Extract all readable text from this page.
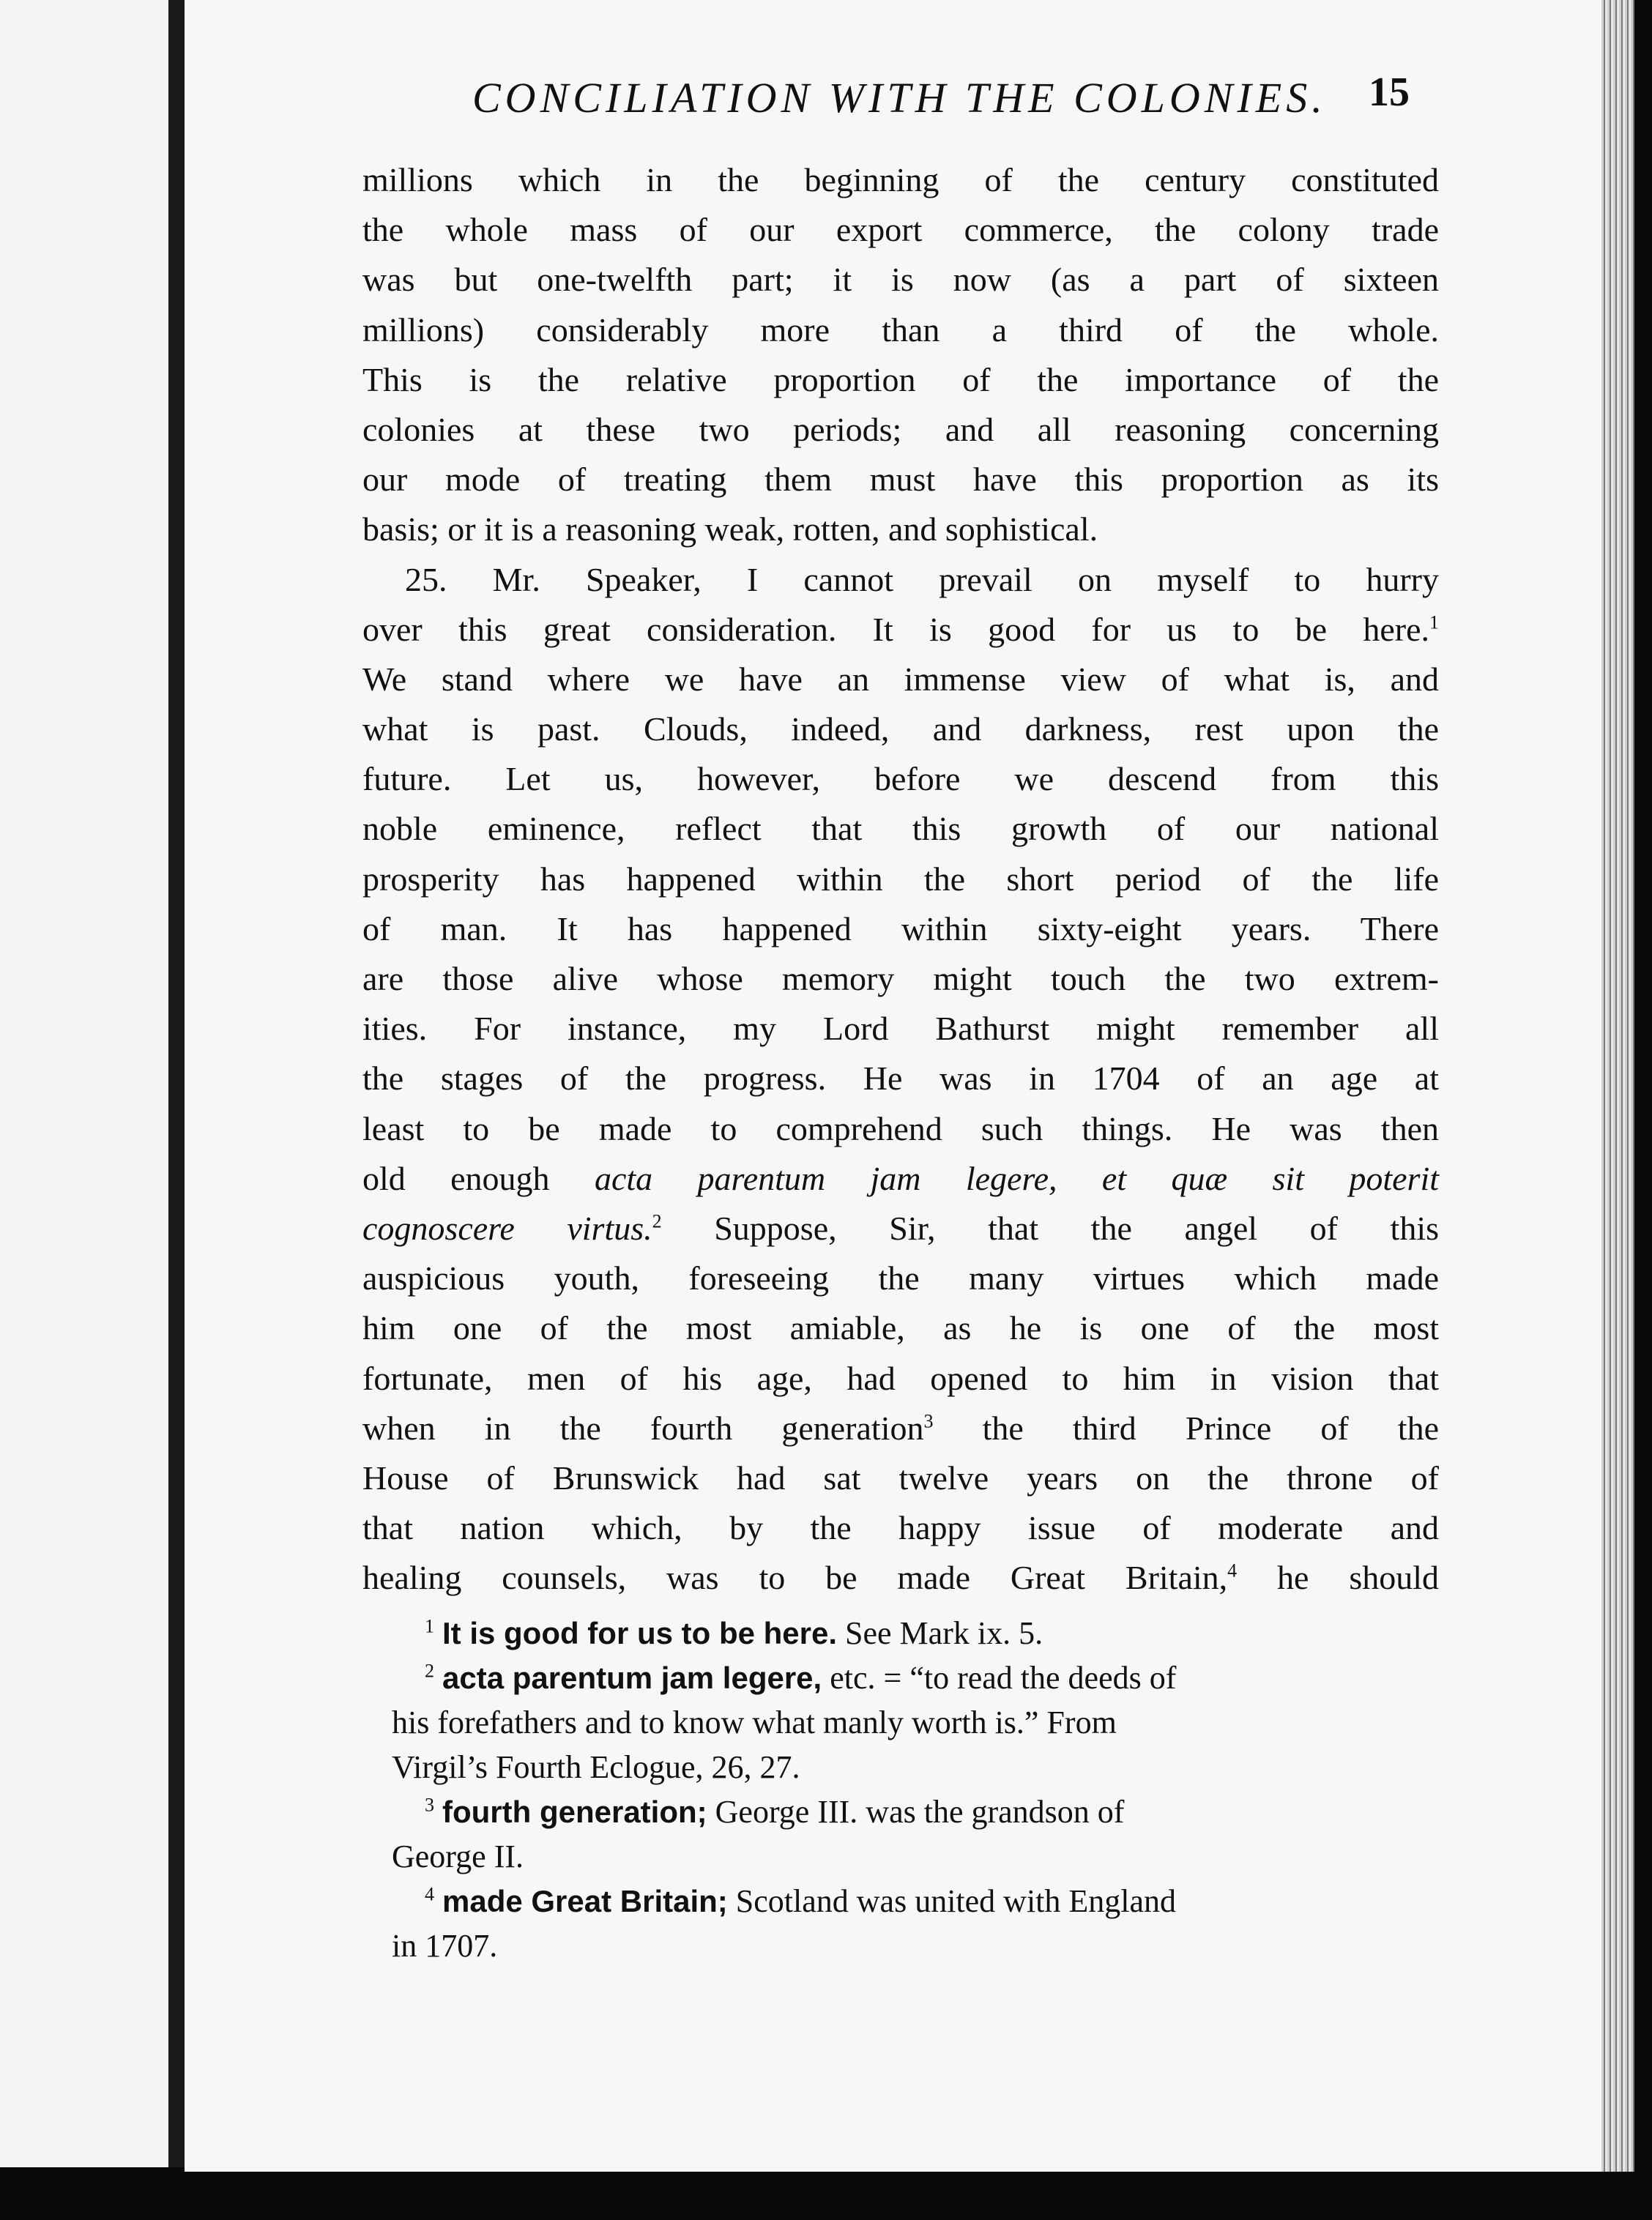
CONCILIATION WITH THE COLONIES. 15
millions which in the beginning of the century constituted
the whole mass of our export commerce, the colony trade
was but one-twelfth part; it is now (as a part of sixteen
millions) considerably more than a third of the whole.
This is the relative proportion of the importance of the
colonies at these two periods; and all reasoning concerning
our mode of treating them must have this proportion as its
basis; or it is a reasoning weak, rotten, and sophistical.
25. Mr. Speaker, I cannot prevail on myself to hurry
over this great consideration. It is good for us to be here.$^1$
We stand where we have an immense view of what is, and
what is past. Clouds, indeed, and darkness, rest upon the
future. Let us, however, before we descend from this
noble eminence, reflect that this growth of our national
prosperity has happened within the short period of the life
of man. It has happened within sixty-eight years. There
are those alive whose memory might touch the two extrem-
ities. For instance, my Lord Bathurst might remember all
the stages of the progress. He was in 1704 of an age at
least to be made to comprehend such things. He was then
old enough acta parentum jam legere, et quæ sit poterit
cognoscere virtus.$^2$ Suppose, Sir, that the angel of this
auspicious youth, foreseeing the many virtues which made
him one of the most amiable, as he is one of the most
fortunate, men of his age, had opened to him in vision that
when in the fourth generation$^3$ the third Prince of the
House of Brunswick had sat twelve years on the throne of
that nation which, by the happy issue of moderate and
healing counsels, was to be made Great Britain,$^4$ he should
$^1$ It is good for us to be here. See Mark ix. 5.
$^2$ acta parentum jam legere, etc. = “to read the deeds of
his forefathers and to know what manly worth is.” From
Virgil’s Fourth Eclogue, 26, 27.
$^3$ fourth generation; George III. was the grandson of
George II.
$^4$ made Great Britain; Scotland was united with England
in 1707.
